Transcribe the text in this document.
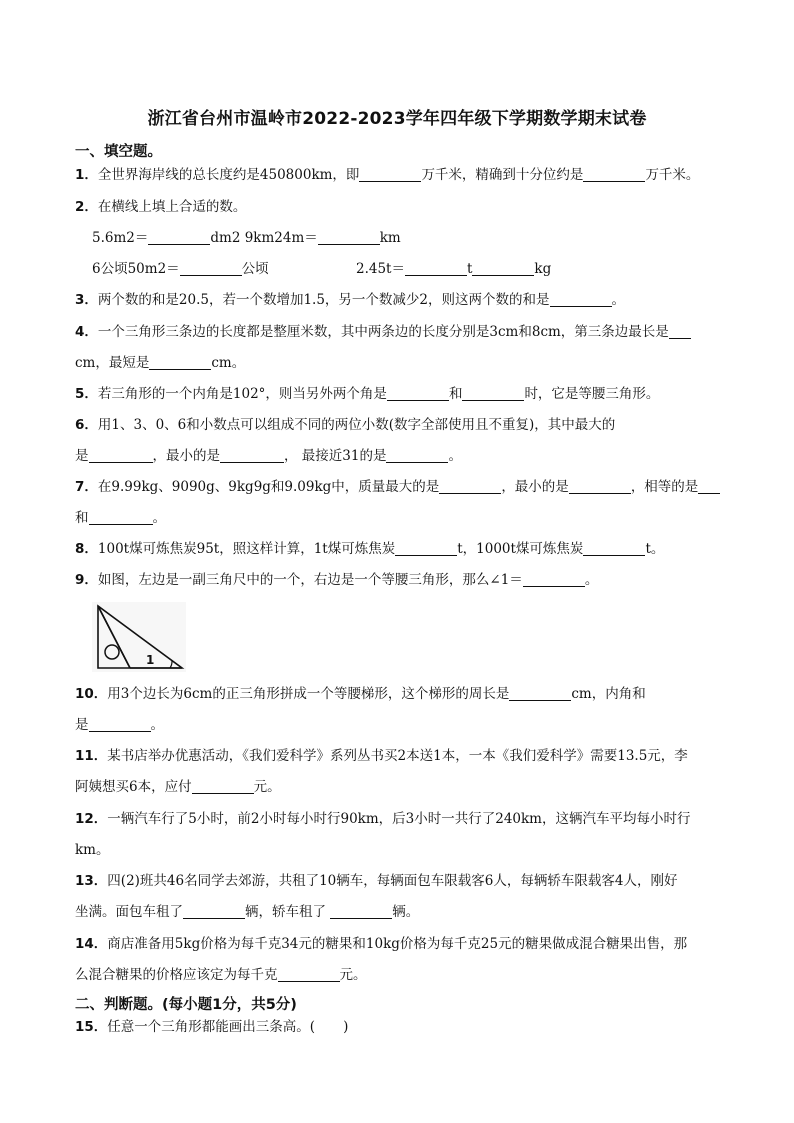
浙江省台州市温岭市2022-2023学年四年级下学期数学期末试卷
一、填空题。
1．全世界海岸线的总长度约是450800km，即	万千米，精确到十分位约是	万千米。
2．在横线上填上合适的数。
5.6m2＝	dm2 9km24m＝	km
6公顷50m2＝	公顷	2.45t＝	t	kg
3．两个数的和是20.5，若一个数增加1.5，另一个数减少2，则这两个数的和是	。
4．一个三角形三条边的长度都是整厘米数，其中两条边的长度分别是3cm和8cm，第三条边最长是
cm，最短是	cm。
5．若三角形的一个内角是102°，则当另外两个角是	和	时，它是等腰三角形。
6．用1、3、0、6和小数点可以组成不同的两位小数(数字全部使用且不重复)，其中最大的
是	，最小的是	， 最接近31的是	。
7．在9.99kg、9090g、9kg9g和9.09kg中，质量最大的是	，最小的是	，相等的是
和	。
8．100t煤可炼焦炭95t，照这样计算，1t煤可炼焦炭	t，1000t煤可炼焦炭	t。
9．如图，左边是一副三角尺中的一个，右边是一个等腰三角形，那么∠1＝	。
1
10．用3个边长为6cm的正三角形拼成一个等腰梯形，这个梯形的周长是	cm，内角和
是	。
11．某书店举办优惠活动，《我们爱科学》系列丛书买2本送1本，一本《我们爱科学》需要13.5元，李
阿姨想买6本，应付	元。
12．一辆汽车行了5小时，前2小时每小时行90km，后3小时一共行了240km，这辆汽车平均每小时行
km。
13．四(2)班共46名同学去郊游，共租了10辆车，每辆面包车限载客6人，每辆轿车限载客4人，刚好
坐满。面包车租了	辆，轿车租了	辆。
14．商店准备用5kg价格为每千克34元的糖果和10kg价格为每千克25元的糖果做成混合糖果出售，那
么混合糖果的价格应该定为每千克	元。
二、判断题。(每小题1分，共5分)
15．任意一个三角形都能画出三条高。( )
